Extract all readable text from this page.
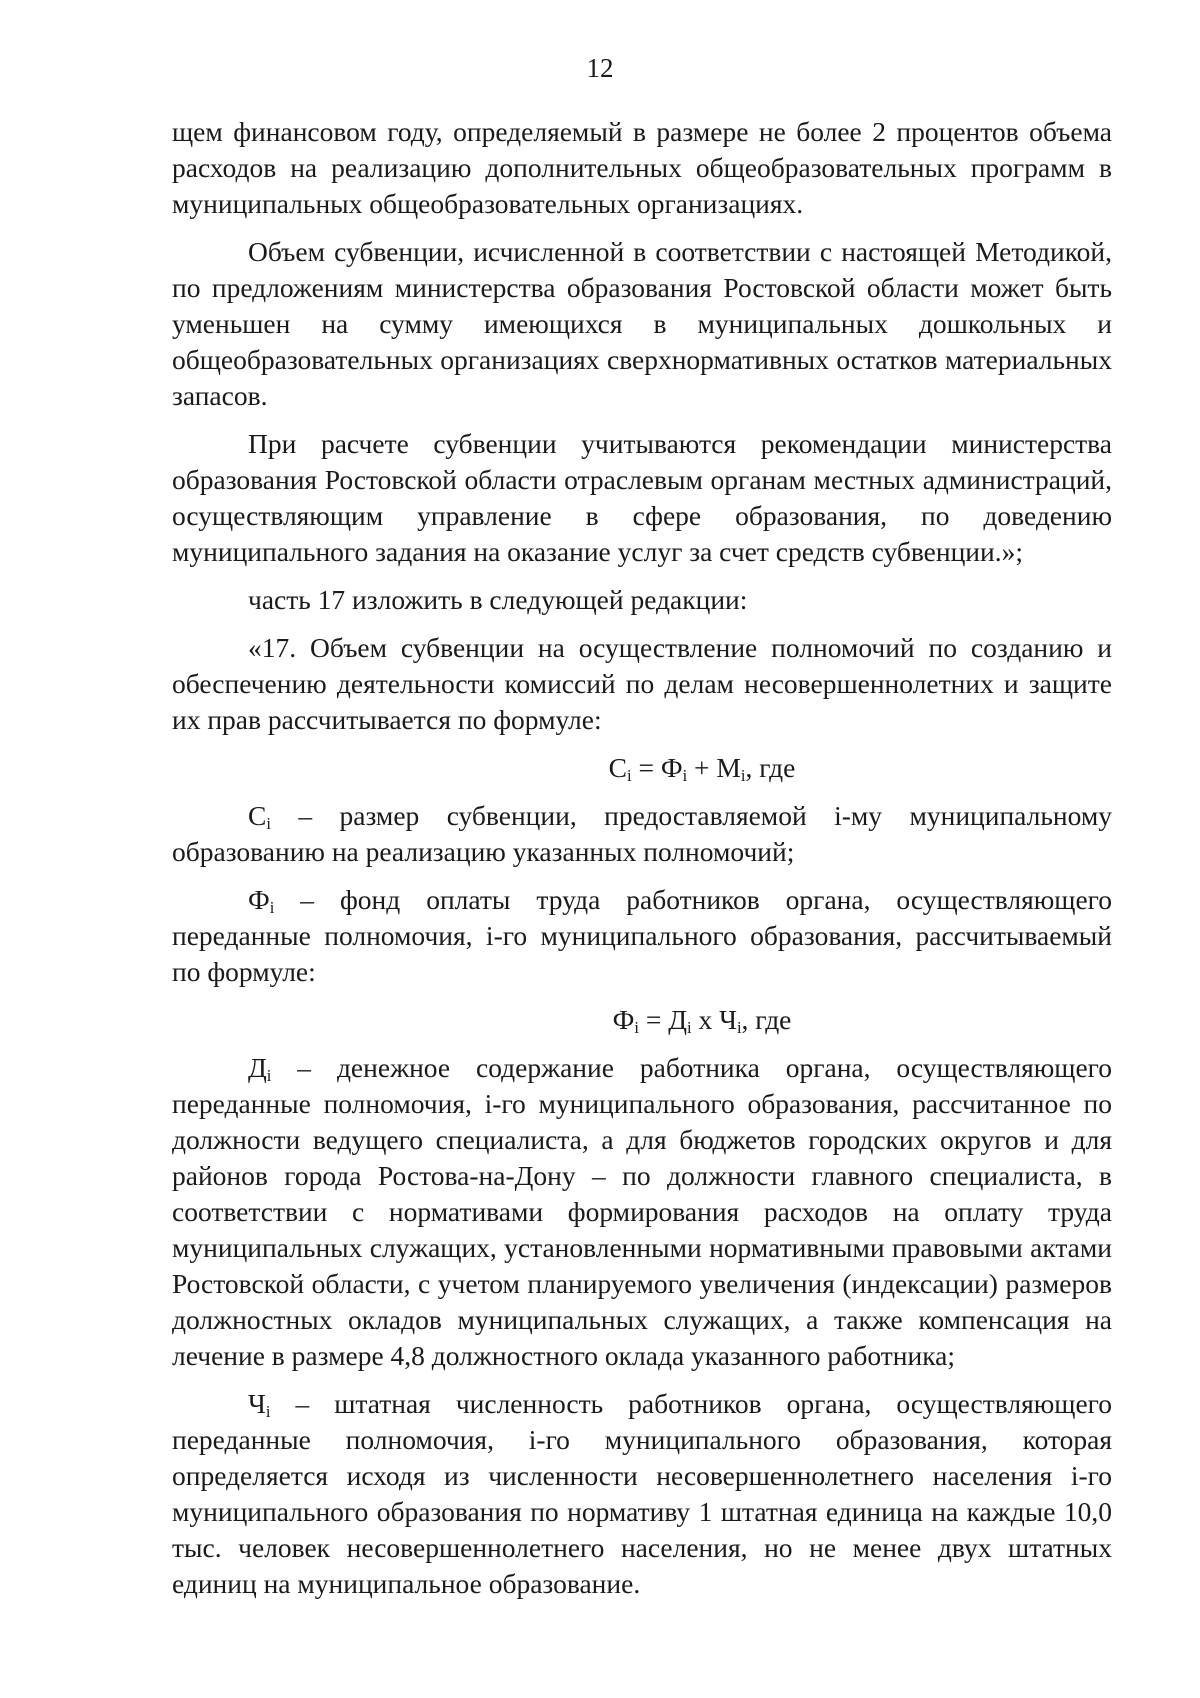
12

щем финансовом году, определяемый в размере не более 2 процентов объема расходов на реализацию дополнительных общеобразовательных программ в муниципальных общеобразовательных организациях.

Объем субвенции, исчисленной в соответствии с настоящей Методикой, по предложениям министерства образования Ростовской области может быть уменьшен на сумму имеющихся в муниципальных дошкольных и общеобразовательных организациях сверхнормативных остатков материальных запасов.

При расчете субвенции учитываются рекомендации министерства образования Ростовской области отраслевым органам местных администраций, осуществляющим управление в сфере образования, по доведению муниципального задания на оказание услуг за счет средств субвенции.»;

часть 17 изложить в следующей редакции:

«17. Объем субвенции на осуществление полномочий по созданию и обеспечению деятельности комиссий по делам несовершеннолетних и защите их прав рассчитывается по формуле:

$С_i = Ф_i + М_i$, где

$С_i$ – размер субвенции, предоставляемой i-му муниципальному образованию на реализацию указанных полномочий;

$Ф_i$ – фонд оплаты труда работников органа, осуществляющего переданные полномочия, i-го муниципального образования, рассчитываемый по формуле:

$Ф_i = Д_i$ х $Ч_i$, где

$Д_i$ – денежное содержание работника органа, осуществляющего переданные полномочия, i-го муниципального образования, рассчитанное по должности ведущего специалиста, а для бюджетов городских округов и для районов города Ростова-на-Дону – по должности главного специалиста, в соответствии с нормативами формирования расходов на оплату труда муниципальных служащих, установленными нормативными правовыми актами Ростовской области, с учетом планируемого увеличения (индексации) размеров должностных окладов муниципальных служащих, а также компенсация на лечение в размере 4,8 должностного оклада указанного работника;

$Ч_i$ – штатная численность работников органа, осуществляющего переданные полномочия, i-го муниципального образования, которая определяется исходя из численности несовершеннолетнего населения i-го муниципального образования по нормативу 1 штатная единица на каждые 10,0 тыс. человек несовершеннолетнего населения, но не менее двух штатных единиц на муниципальное образование.
